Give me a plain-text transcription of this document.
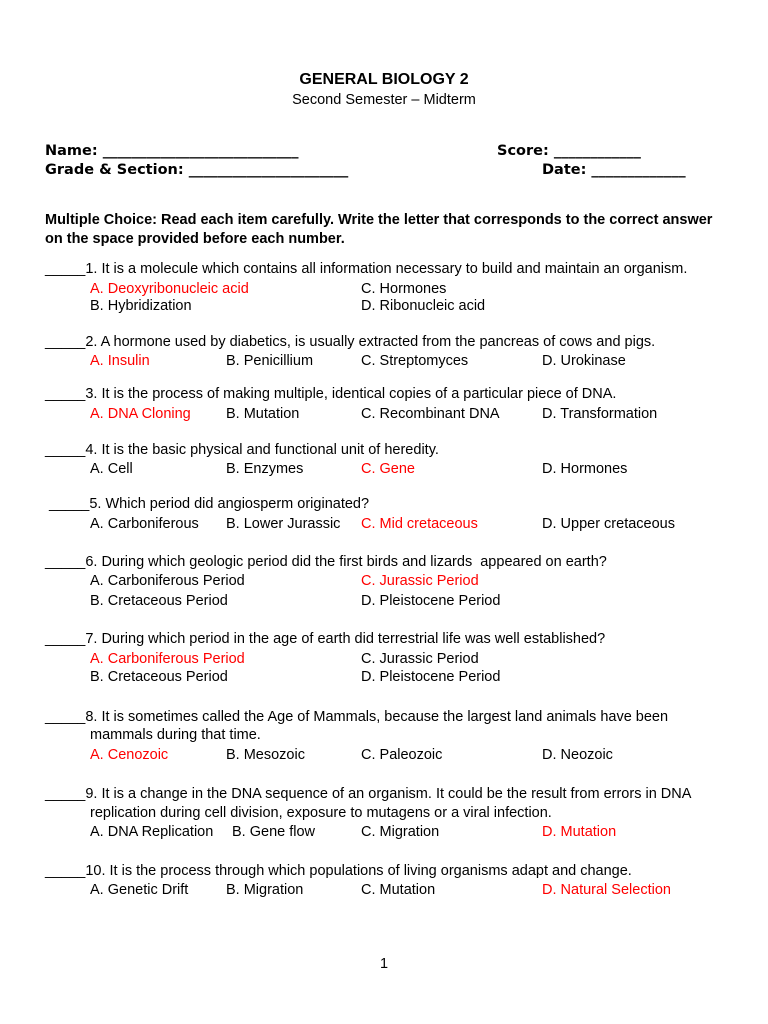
GENERAL BIOLOGY 2
Second Semester – Midterm
Name: ___________________________	Score: ____________
Grade & Section: ______________________	Date: _____________
Multiple Choice: Read each item carefully. Write the letter that corresponds to the correct answer on the space provided before each number.
_____1. It is a molecule which contains all information necessary to build and maintain an organism.
A. Deoxyribonucleic acid	C. Hormones
B. Hybridization	D. Ribonucleic acid
_____2. A hormone used by diabetics, is usually extracted from the pancreas of cows and pigs.
A. Insulin	B. Penicillium	C. Streptomyces	D. Urokinase
_____3. It is the process of making multiple, identical copies of a particular piece of DNA.
A. DNA Cloning B. Mutation	C. Recombinant DNA	D. Transformation
_____4. It is the basic physical and functional unit of heredity.
A. Cell	B. Enzymes	C. Gene	D. Hormones
_____5. Which period did angiosperm originated?
A. Carboniferous B. Lower Jurassic C. Mid cretaceous	D. Upper cretaceous
_____6. During which geologic period did the first birds and lizards  appeared on earth?
A. Carboniferous Period	C. Jurassic Period
B. Cretaceous Period	D. Pleistocene Period
_____7. During which period in the age of earth did terrestrial life was well established?
A. Carboniferous Period	C. Jurassic Period
B. Cretaceous Period	D. Pleistocene Period
_____8. It is sometimes called the Age of Mammals, because the largest land animals have been
mammals during that time.
A. Cenozoic	B. Mesozoic	C. Paleozoic	D. Neozoic
_____9. It is a change in the DNA sequence of an organism. It could be the result from errors in DNA
replication during cell division, exposure to mutagens or a viral infection.
A. DNA Replication B. Gene flow	C. Migration	D. Mutation
_____10. It is the process through which populations of living organisms adapt and change.
A. Genetic Drift	B. Migration	C. Mutation	D. Natural Selection
1
